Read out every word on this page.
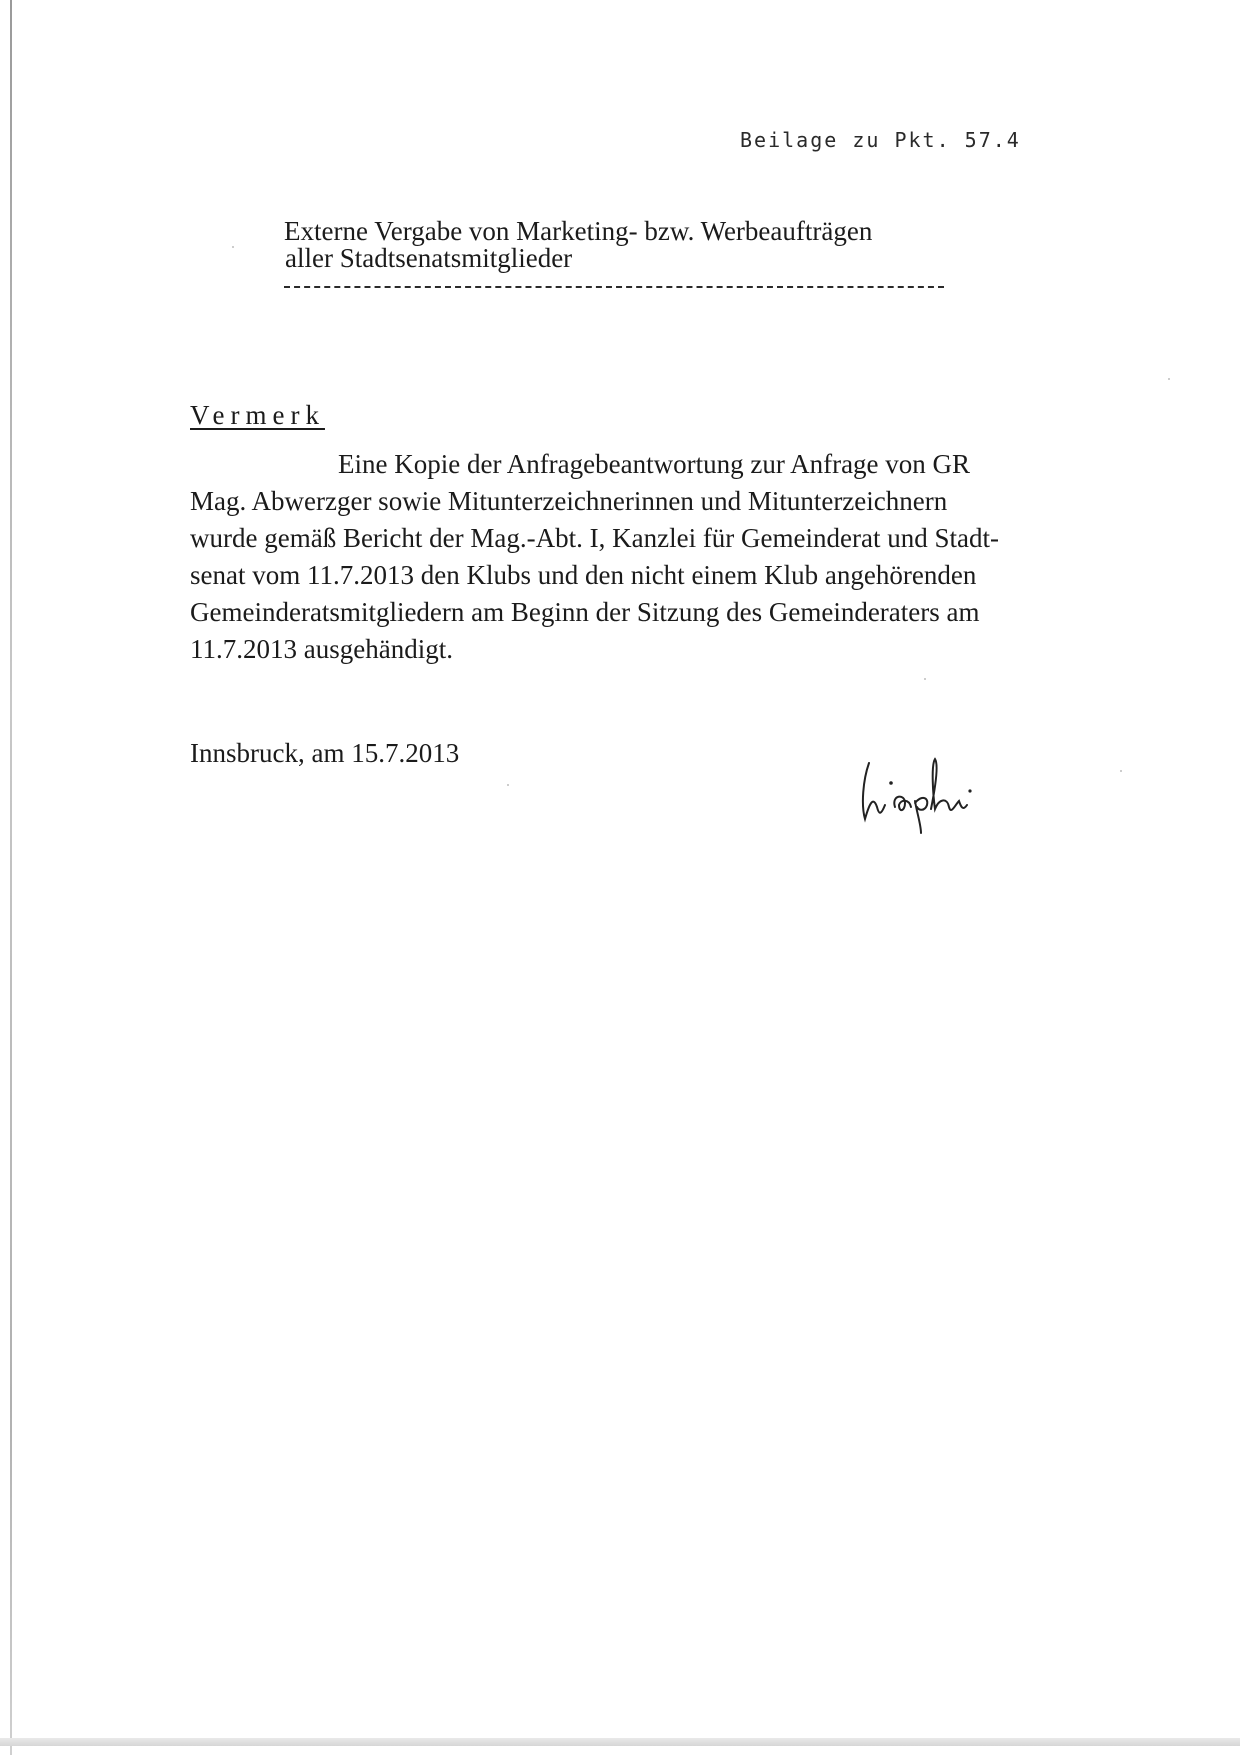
Beilage zu Pkt. 57.4
Externe Vergabe von Marketing- bzw. Werbeaufträgen
aller Stadtsenatsmitglieder
Vermerk
Eine Kopie der Anfragebeantwortung zur Anfrage von GR
Mag. Abwerzger sowie Mitunterzeichnerinnen und Mitunterzeichnern
wurde gemäß Bericht der Mag.-Abt. I, Kanzlei für Gemeinderat und Stadt-
senat vom 11.7.2013 den Klubs und den nicht einem Klub angehörenden
Gemeinderatsmitgliedern am Beginn der Sitzung des Gemeinderaters am
11.7.2013 ausgehändigt.
Innsbruck, am 15.7.2013
